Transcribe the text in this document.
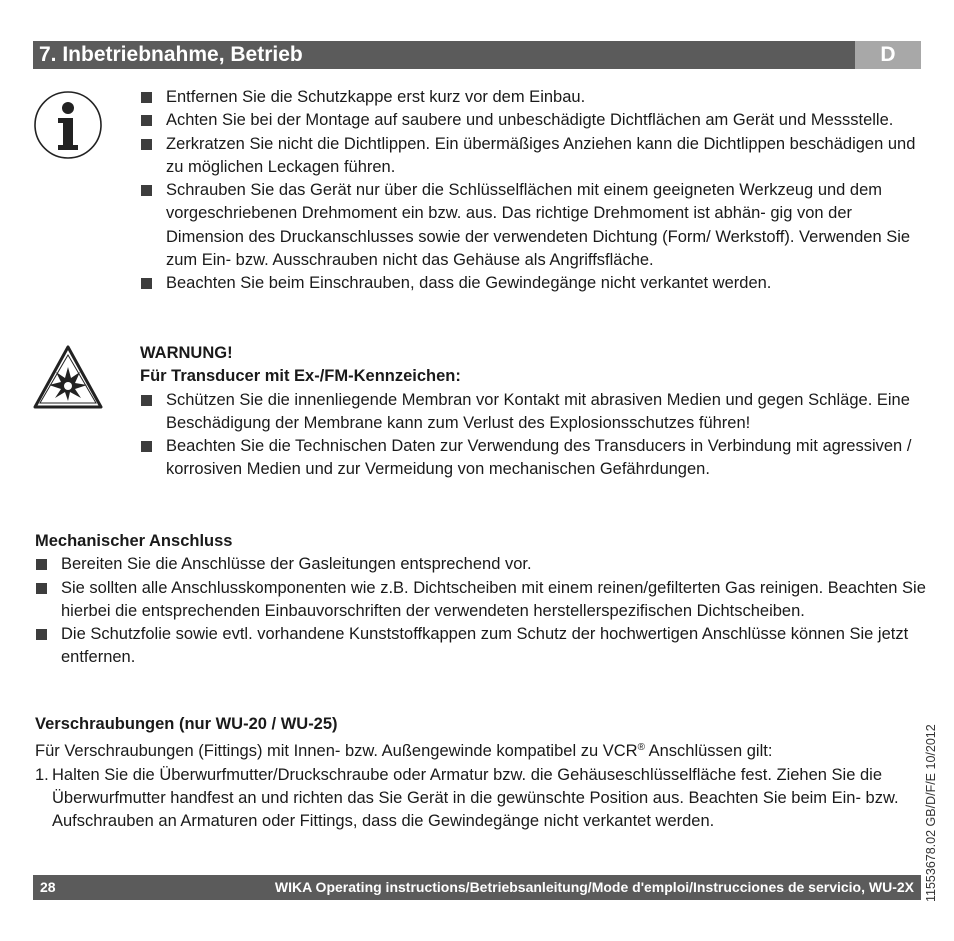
7. Inbetriebnahme, Betrieb	D
Entfernen Sie die Schutzkappe erst kurz vor dem Einbau.
Achten Sie bei der Montage auf saubere und unbeschädigte Dichtflächen am Gerät und Messstelle.
Zerkratzen Sie nicht die Dichtlippen. Ein übermäßiges Anziehen kann die Dichtlippen beschädigen und zu möglichen Leckagen führen.
Schrauben Sie das Gerät nur über die Schlüsselflächen mit einem geeigneten Werkzeug und dem vorgeschriebenen Drehmoment ein bzw. aus. Das richtige Drehmoment ist abhän- gig von der Dimension des Druckanschlusses sowie der verwendeten Dichtung (Form/ Werkstoff). Verwenden Sie zum Ein- bzw. Ausschrauben nicht das Gehäuse als Angriffsfläche.
Beachten Sie beim Einschrauben, dass die Gewindegänge nicht verkantet werden.
WARNUNG!
Für Transducer mit Ex-/FM-Kennzeichen:
Schützen Sie die innenliegende Membran vor Kontakt mit abrasiven Medien und gegen Schläge. Eine Beschädigung der Membrane kann zum Verlust des Explosionsschutzes führen!
Beachten Sie die Technischen Daten zur Verwendung des Transducers in Verbindung mit agressiven / korrosiven Medien und zur Vermeidung von mechanischen Gefährdungen.
Mechanischer Anschluss
Bereiten Sie die Anschlüsse der Gasleitungen entsprechend vor.
Sie sollten alle Anschlusskomponenten wie z.B. Dichtscheiben mit einem reinen/gefilterten Gas reinigen. Beachten Sie hierbei die entsprechenden Einbauvorschriften der verwendeten herstellerspezifischen Dichtscheiben.
Die Schutzfolie sowie evtl. vorhandene Kunststoffkappen zum Schutz der hochwertigen Anschlüsse können Sie jetzt entfernen.
Verschraubungen (nur WU-20 / WU-25)
Für Verschraubungen (Fittings) mit Innen- bzw. Außengewinde kompatibel zu VCR® Anschlüssen gilt:
1. Halten Sie die Überwurfmutter/Druckschraube oder Armatur bzw. die Gehäuseschlüsselfläche fest. Ziehen Sie die Überwurfmutter handfest an und richten das Sie Gerät in die gewünschte Position aus. Beachten Sie beim Ein- bzw. Aufschrauben an Armaturen oder Fittings, dass die Gewindegänge nicht verkantet werden.
28	WIKA Operating instructions/Betriebsanleitung/Mode d'emploi/Instrucciones de servicio, WU-2X 11553678.02 GB/D/F/E 10/2012
